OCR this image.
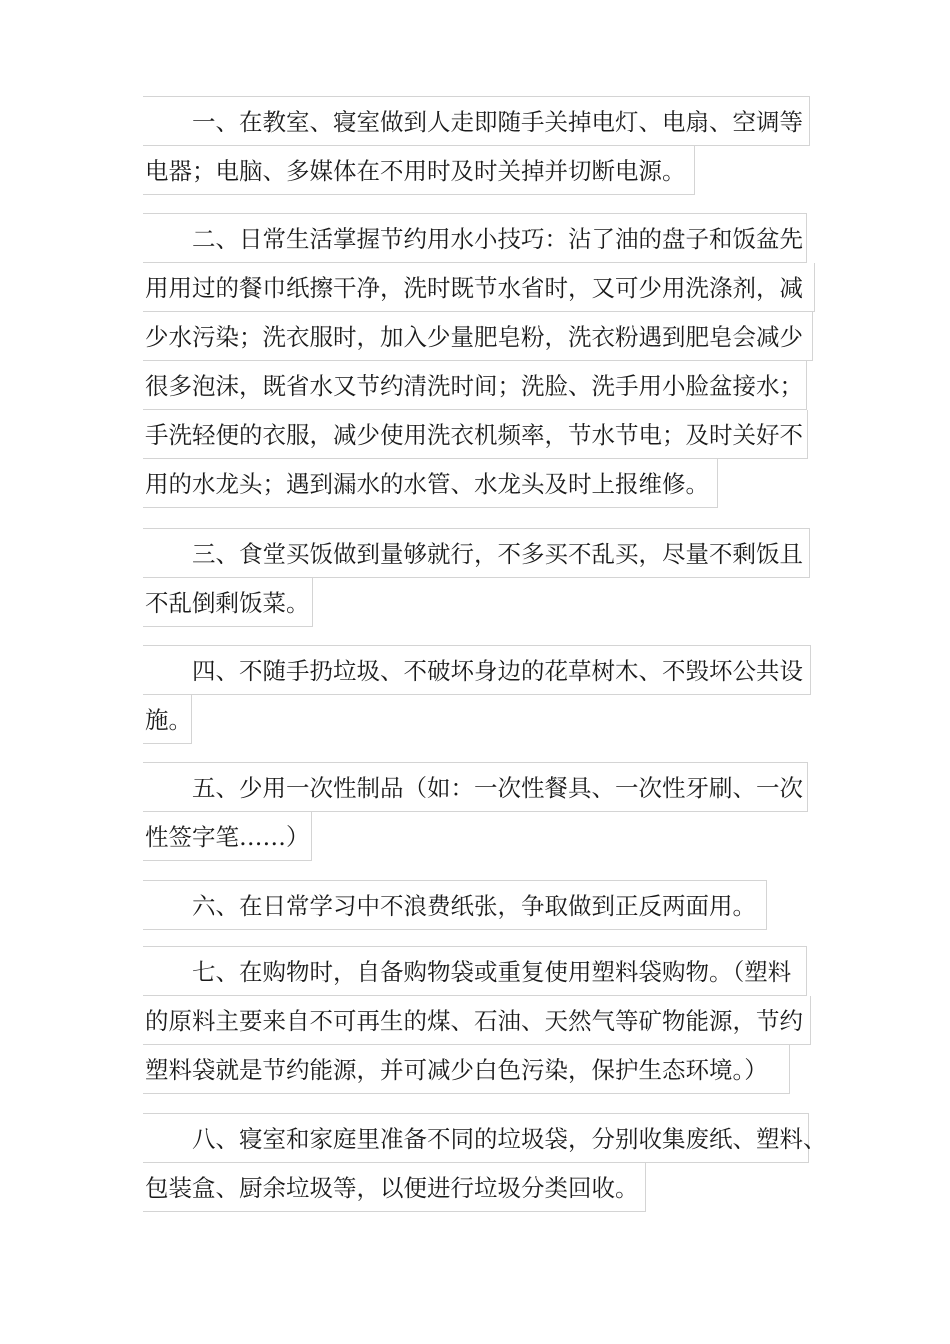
一、在教室、寝室做到人走即随手关掉电灯、电扇、空调等
电器；电脑、多媒体在不用时及时关掉并切断电源。
二、日常生活掌握节约用水小技巧：沾了油的盘子和饭盆先
用用过的餐巾纸擦干净，洗时既节水省时，又可少用洗涤剂，减
少水污染；洗衣服时，加入少量肥皂粉，洗衣粉遇到肥皂会减少
很多泡沫，既省水又节约清洗时间；洗脸、洗手用小脸盆接水；
手洗轻便的衣服，减少使用洗衣机频率，节水节电；及时关好不
用的水龙头；遇到漏水的水管、水龙头及时上报维修。
三、食堂买饭做到量够就行，不多买不乱买，尽量不剩饭且
不乱倒剩饭菜。
四、不随手扔垃圾、不破坏身边的花草树木、不毁坏公共设
施。
五、少用一次性制品（如：一次性餐具、一次性牙刷、一次
性签字笔……）
六、在日常学习中不浪费纸张，争取做到正反两面用。
七、在购物时，自备购物袋或重复使用塑料袋购物。（塑料
的原料主要来自不可再生的煤、石油、天然气等矿物能源，节约
塑料袋就是节约能源，并可减少白色污染，保护生态环境。）
八、寝室和家庭里准备不同的垃圾袋，分别收集废纸、塑料、
包装盒、厨余垃圾等，以便进行垃圾分类回收。
